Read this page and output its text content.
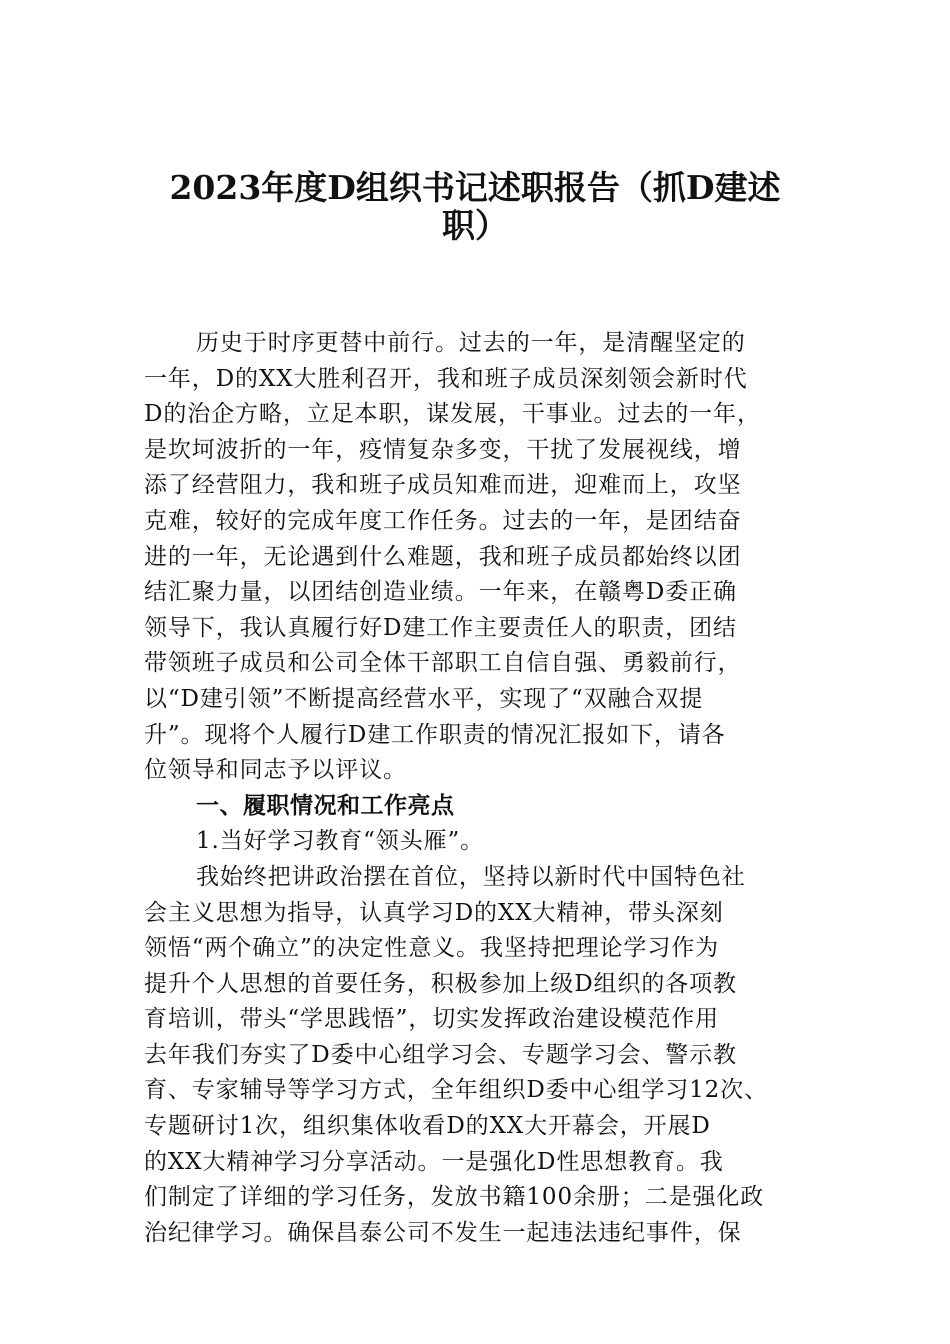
2023年度D组织书记述职报告（抓D建述
职）
历史于时序更替中前行。过去的一年，是清醒坚定的
一年，D的XX大胜利召开，我和班子成员深刻领会新时代
D的治企方略，立足本职，谋发展，干事业。过去的一年，
是坎坷波折的一年，疫情复杂多变，干扰了发展视线，增
添了经营阻力，我和班子成员知难而进，迎难而上，攻坚
克难，较好的完成年度工作任务。过去的一年，是团结奋
进的一年，无论遇到什么难题，我和班子成员都始终以团
结汇聚力量，以团结创造业绩。一年来，在赣粤D委正确
领导下，我认真履行好D建工作主要责任人的职责，团结
带领班子成员和公司全体干部职工自信自强、勇毅前行，
以“D建引领”不断提高经营水平，实现了“双融合双提
升”。现将个人履行D建工作职责的情况汇报如下，请各
位领导和同志予以评议。
一、履职情况和工作亮点
1.当好学习教育“领头雁”。
我始终把讲政治摆在首位，坚持以新时代中国特色社
会主义思想为指导，认真学习D的XX大精神，带头深刻
领悟“两个确立”的决定性意义。我坚持把理论学习作为
提升个人思想的首要任务，积极参加上级D组织的各项教
育培训，带头“学思践悟”，切实发挥政治建设模范作用
去年我们夯实了D委中心组学习会、专题学习会、警示教
育、专家辅导等学习方式，全年组织D委中心组学习12次、
专题研讨1次，组织集体收看D的XX大开幕会，开展D
的XX大精神学习分享活动。一是强化D性思想教育。我
们制定了详细的学习任务，发放书籍100余册；二是强化政
治纪律学习。确保昌泰公司不发生一起违法违纪事件，保
